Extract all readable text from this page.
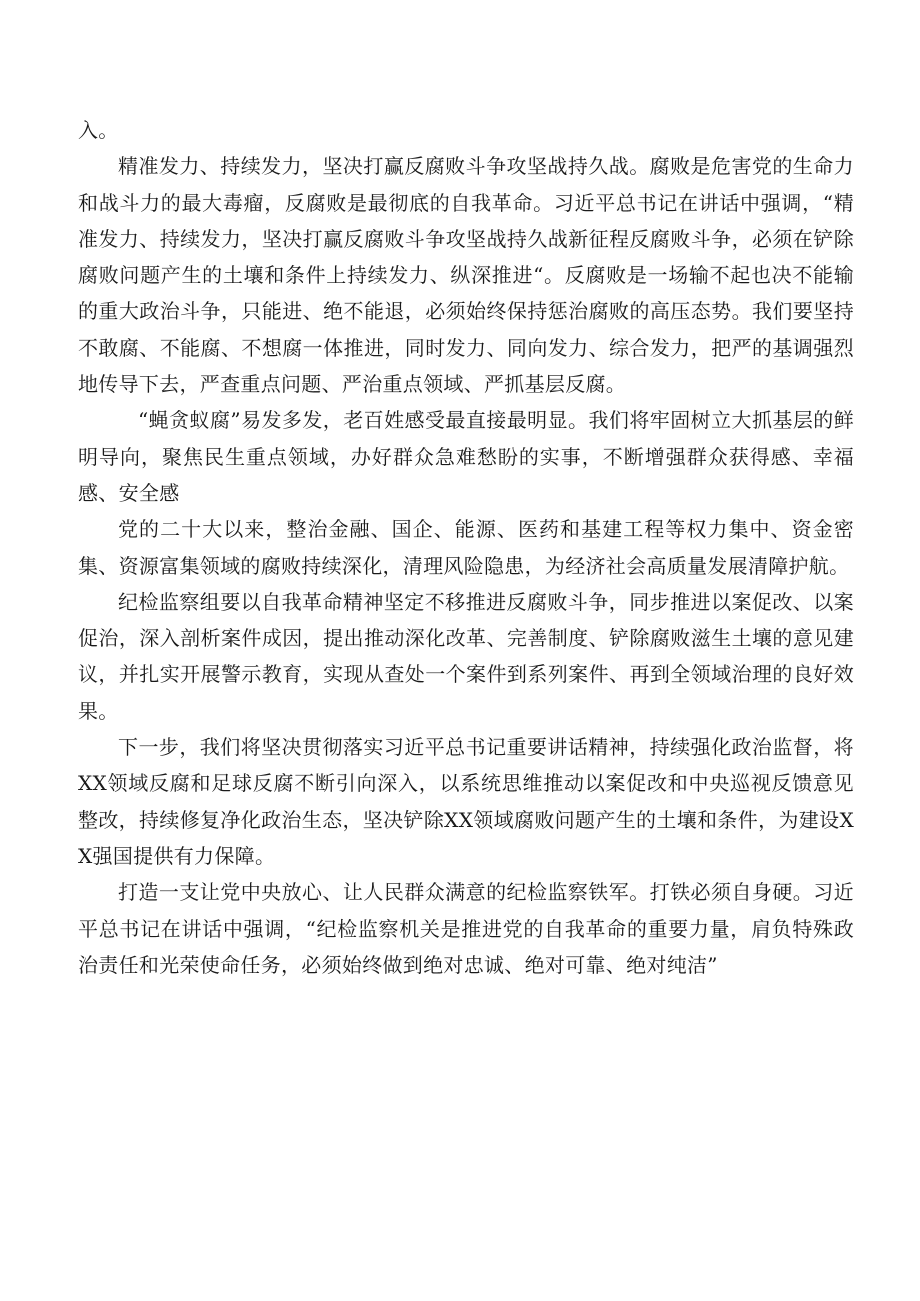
入。

精准发力、持续发力，坚决打赢反腐败斗争攻坚战持久战。腐败是危害党的生命力和战斗力的最大毒瘤，反腐败是最彻底的自我革命。习近平总书记在讲话中强调，“精准发力、持续发力，坚决打赢反腐败斗争攻坚战持久战新征程反腐败斗争，必须在铲除腐败问题产生的土壤和条件上持续发力、纵深推进“。反腐败是一场输不起也决不能输的重大政治斗争，只能进、绝不能退，必须始终保持惩治腐败的高压态势。我们要坚持不敢腐、不能腐、不想腐一体推进，同时发力、同向发力、综合发力，把严的基调强烈地传导下去，严查重点问题、严治重点领域、严抓基层反腐。

“蝇贪蚁腐”易发多发，老百姓感受最直接最明显。我们将牢固树立大抓基层的鲜明导向，聚焦民生重点领域，办好群众急难愁盼的实事，不断增强群众获得感、幸福感、安全感

党的二十大以来，整治金融、国企、能源、医药和基建工程等权力集中、资金密集、资源富集领域的腐败持续深化，清理风险隐患，为经济社会高质量发展清障护航。

纪检监察组要以自我革命精神坚定不移推进反腐败斗争，同步推进以案促改、以案促治，深入剖析案件成因，提出推动深化改革、完善制度、铲除腐败滋生土壤的意见建议，并扎实开展警示教育，实现从查处一个案件到系列案件、再到全领域治理的良好效果。

下一步，我们将坚决贯彻落实习近平总书记重要讲话精神，持续强化政治监督，将XX领域反腐和足球反腐不断引向深入，以系统思维推动以案促改和中央巡视反馈意见整改，持续修复净化政治生态，坚决铲除XX领域腐败问题产生的土壤和条件，为建设XX强国提供有力保障。

打造一支让党中央放心、让人民群众满意的纪检监察铁军。打铁必须自身硬。习近平总书记在讲话中强调，“纪检监察机关是推进党的自我革命的重要力量，肩负特殊政治责任和光荣使命任务，必须始终做到绝对忠诚、绝对可靠、绝对纯洁”
